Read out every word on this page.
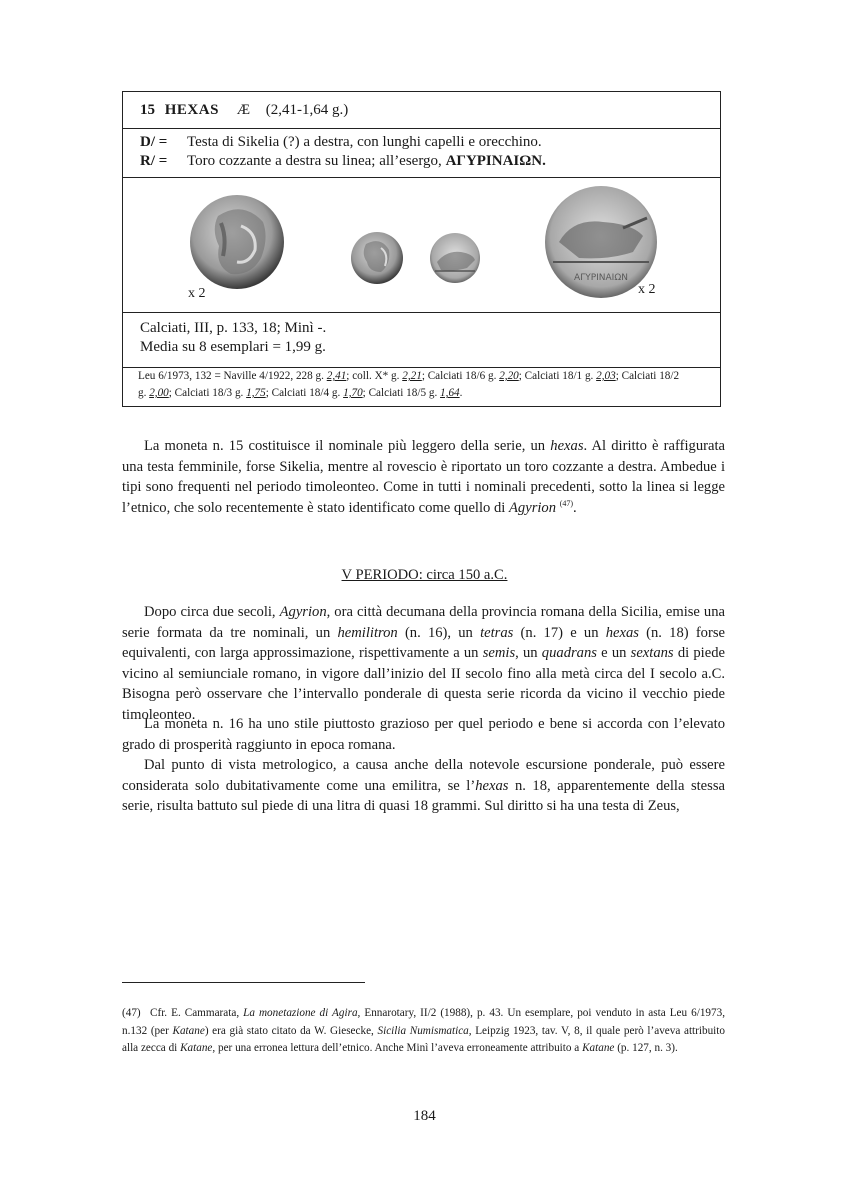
15 HEXAS Æ (2,41-1,64 g.)
D/ = Testa di Sikelia (?) a destra, con lunghi capelli e orecchino.
R/ = Toro cozzante a destra su linea; all’esergo, ΑΓΥΡΙΝΑΙΩΝ.
ΑΓΥΡΙΝΑΙΩΝ
x 2	x 2
Calciati, III, p. 133, 18; Minì -.
Media su 8 esemplari = 1,99 g.
Leu 6/1973, 132 = Naville 4/1922, 228 g. 2,41; coll. X* g. 2,21; Calciati 18/6 g. 2,20; Calciati 18/1 g. 2,03; Calciati 18/2 g. 2,00; Calciati 18/3 g. 1,75; Calciati 18/4 g. 1,70; Calciati 18/5 g. 1,64.

La moneta n. 15 costituisce il nominale più leggero della serie, un hexas. Al diritto è raffigurata una testa femminile, forse Sikelia, mentre al rovescio è riportato un toro cozzante a destra. Ambedue i tipi sono frequenti nel periodo timoleonteo. Come in tutti i nominali precedenti, sotto la linea si legge l’etnico, che solo recentemente è stato identificato come quello di Agyrion $^{(47)}$.

V PERIODO: circa 150 a.C.

Dopo circa due secoli, Agyrion, ora città decumana della provincia romana della Sicilia, emise una serie formata da tre nominali, un hemilitron (n. 16), un tetras (n. 17) e un hexas (n. 18) forse equivalenti, con larga approssimazione, rispettivamente a un semis, un quadrans e un sextans di piede vicino al semiunciale romano, in vigore dall’inizio del II secolo fino alla metà circa del I secolo a.C. Bisogna però osservare che l’intervallo ponderale di questa serie ricorda da vicino il vecchio piede timoleonteo.

La moneta n. 16 ha uno stile piuttosto grazioso per quel periodo e bene si accorda con l’elevato grado di prosperità raggiunto in epoca romana.

Dal punto di vista metrologico, a causa anche della notevole escursione ponderale, può essere considerata solo dubitativamente come una emilitra, se l’hexas n. 18, apparentemente della stessa serie, risulta battuto sul piede di una litra di quasi 18 grammi. Sul diritto si ha una testa di Zeus,

(47) Cfr. E. Cammarata, La monetazione di Agira, Ennarotary, II/2 (1988), p. 43. Un esemplare, poi venduto in asta Leu 6/1973, n.132 (per Katane) era già stato citato da W. Giesecke, Sicilia Numismatica, Leipzig 1923, tav. V, 8, il quale però l’aveva attribuito alla zecca di Katane, per una erronea lettura dell’etnico. Anche Minì l’aveva erroneamente attribuito a Katane (p. 127, n. 3).
184
